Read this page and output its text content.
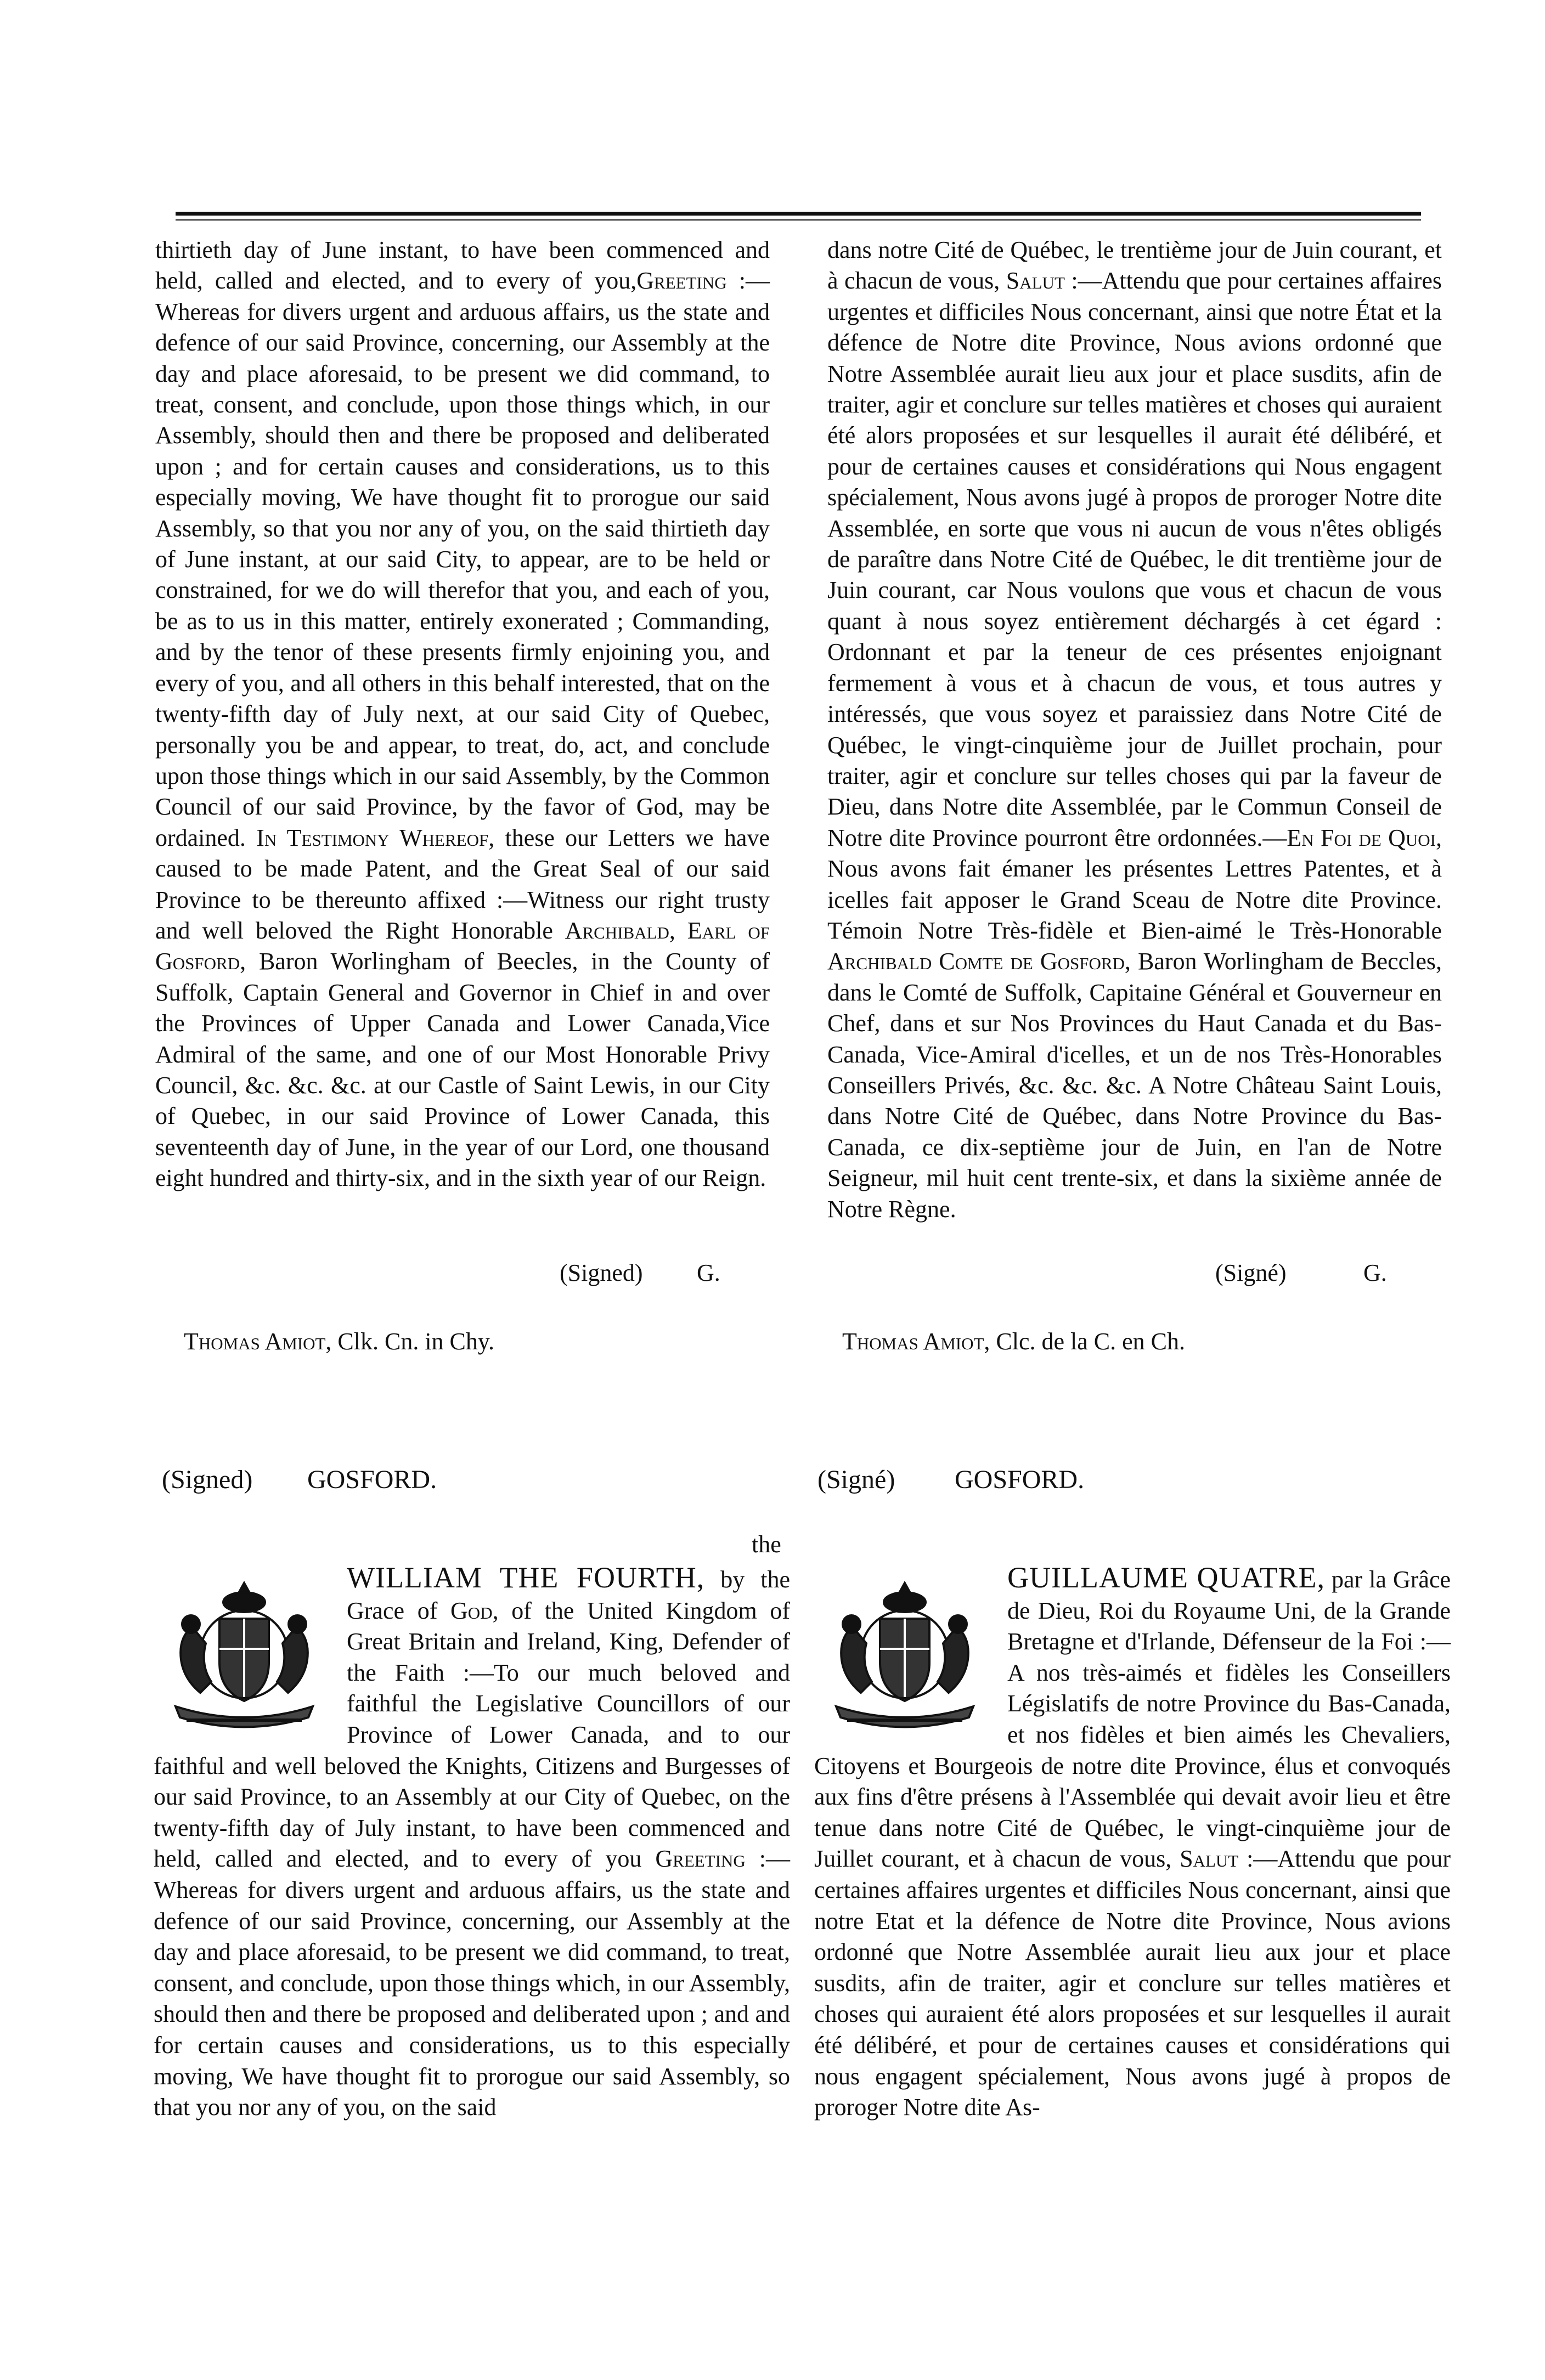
thirtieth day of June instant, to have been commenced and held, called and elected, and to every of you,Greeting :—Whereas for divers urgent and arduous affairs, us the state and defence of our said Province, concerning, our Assembly at the day and place aforesaid, to be present we did command, to treat, consent, and conclude, upon those things which, in our Assembly, should then and there be proposed and deliberated upon ; and for certain causes and considerations, us to this especially moving, We have thought fit to prorogue our said Assembly, so that you nor any of you, on the said thirtieth day of June instant, at our said City, to appear, are to be held or constrained, for we do will therefor that you, and each of you, be as to us in this matter, entirely exonerated ; Commanding, and by the tenor of these presents firmly enjoining you, and every of you, and all others in this behalf interested, that on the twenty-fifth day of July next, at our said City of Quebec, personally you be and appear, to treat, do, act, and conclude upon those things which in our said Assembly, by the Common Council of our said Province, by the favor of God, may be ordained. In Testimony Whereof, these our Letters we have caused to be made Patent, and the Great Seal of our said Province to be thereunto affixed :—Witness our right trusty and well beloved the Right Honorable Archibald, Earl of Gosford, Baron Worlingham of Beecles, in the County of Suffolk, Captain General and Governor in Chief in and over the Provinces of Upper Canada and Lower Canada,Vice Admiral of the same, and one of our Most Honorable Privy Council, &c. &c. &c. at our Castle of Saint Lewis, in our City of Quebec, in our said Province of Lower Canada, this seventeenth day of June, in the year of our Lord, one thousand eight hundred and thirty-six, and in the sixth year of our Reign.
dans notre Cité de Québec, le trentième jour de Juin courant, et à chacun de vous, Salut :—Attendu que pour certaines affaires urgentes et difficiles Nous concernant, ainsi que notre État et la défence de Notre dite Province, Nous avions ordonné que Notre Assemblée aurait lieu aux jour et place susdits, afin de traiter, agir et conclure sur telles matières et choses qui auraient été alors proposées et sur lesquelles il aurait été délibéré, et pour de certaines causes et considérations qui Nous engagent spécialement, Nous avons jugé à propos de proroger Notre dite Assemblée, en sorte que vous ni aucun de vous n'êtes obligés de paraître dans Notre Cité de Québec, le dit trentième jour de Juin courant, car Nous voulons que vous et chacun de vous quant à nous soyez entièrement déchargés à cet égard : Ordonnant et par la teneur de ces présentes enjoignant fermement à vous et à chacun de vous, et tous autres y intéressés, que vous soyez et paraissiez dans Notre Cité de Québec, le vingt-cinquième jour de Juillet prochain, pour traiter, agir et conclure sur telles choses qui par la faveur de Dieu, dans Notre dite Assemblée, par le Commun Conseil de Notre dite Province pourront être ordonnées.—En Foi de Quoi, Nous avons fait émaner les présentes Lettres Patentes, et à icelles fait apposer le Grand Sceau de Notre dite Province. Témoin Notre Très-fidèle et Bien-aimé le Très-Honorable Archibald Comte de Gosford, Baron Worlingham de Beccles, dans le Comté de Suffolk, Capitaine Général et Gouverneur en Chef, dans et sur Nos Provinces du Haut Canada et du Bas-Canada, Vice-Amiral d'icelles, et un de nos Très-Honorables Conseillers Privés, &c. &c. &c. A Notre Château Saint Louis, dans Notre Cité de Québec, dans Notre Province du Bas-Canada, ce dix-septième jour de Juin, en l'an de Notre Seigneur, mil huit cent trente-six, et dans la sixième année de Notre Règne.
(Signed) G.	(Signé)	G.
Thomas Amiot, Clk. Cn. in Chy.	Thomas Amiot, Clc. de la C. en Ch.
(Signed) GOSFORD.	(Signé) GOSFORD.
the
WILLIAM THE FOURTH, by the Grace of God, of the United Kingdom of Great Britain and Ireland, King, Defender of the Faith :—To our much beloved and faithful the Legislative Councillors of our Province of Lower Canada, and to our faithful and well beloved the Knights, Citizens and Burgesses of our said Province, to an Assembly at our City of Quebec, on the twenty-fifth day of July instant, to have been commenced and held, called and elected, and to every of you Greeting :—Whereas for divers urgent and arduous affairs, us the state and defence of our said Province, concerning, our Assembly at the day and place aforesaid, to be present we did command, to treat, consent, and conclude, upon those things which, in our Assembly, should then and there be proposed and deliberated upon ; and and for certain causes and considerations, us to this especially moving, We have thought fit to prorogue our said Assembly, so that you nor any of you, on the said
GUILLAUME QUATRE, par la Grâce de Dieu, Roi du Royaume Uni, de la Grande Bretagne et d'Irlande, Défenseur de la Foi :—A nos très-aimés et fidèles les Conseillers Législatifs de notre Province du Bas-Canada, et nos fidèles et bien aimés les Chevaliers, Citoyens et Bourgeois de notre dite Province, élus et convoqués aux fins d'être présens à l'Assemblée qui devait avoir lieu et être tenue dans notre Cité de Québec, le vingt-cinquième jour de Juillet courant, et à chacun de vous, Salut :—Attendu que pour certaines affaires urgentes et difficiles Nous concernant, ainsi que notre Etat et la défence de Notre dite Province, Nous avions ordonné que Notre Assemblée aurait lieu aux jour et place susdits, afin de traiter, agir et conclure sur telles matières et choses qui auraient été alors proposées et sur lesquelles il aurait été délibéré, et pour de certaines causes et considérations qui nous engagent spécialement, Nous avons jugé à propos de proroger Notre dite As-
